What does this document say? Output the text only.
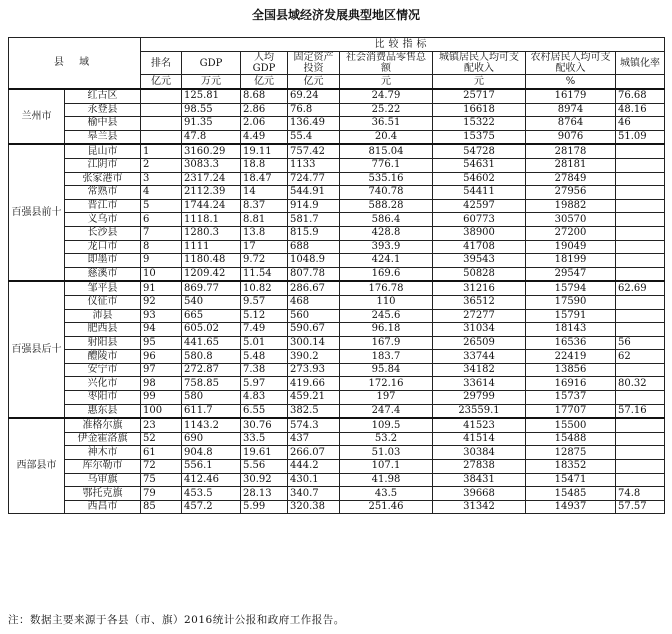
全国县域经济发展典型地区情况
县 域		比较指标							
		排名	GDP	人均GDP	固定资产投资	社会消费品零售总额	城镇居民人均可支配收入	农村居民人均可支配收入	城镇化率
		亿元	万元	亿元	亿元	元	元	%	
兰州市	红古区		125.81	8.68	69.24	24.79	25717	16179	76.68
	永登县		98.55	2.86	76.8	25.22	16618	8974	48.16
	榆中县		91.35	2.06	136.49	36.51	15322	8764	46
	皋兰县		47.8	4.49	55.4	20.4	15375	9076	51.09
百强县前十	昆山市	1	3160.29	19.11	757.42	815.04	54728	28178	
	江阴市	2	3083.3	18.8	1133	776.1	54631	28181	
	张家港市	3	2317.24	18.47	724.77	535.16	54602	27849	
	常熟市	4	2112.39	14	544.91	740.78	54411	27956	
	晋江市	5	1744.24	8.37	914.9	588.28	42597	19882	
	义乌市	6	1118.1	8.81	581.7	586.4	60773	30570	
	长沙县	7	1280.3	13.8	815.9	428.8	38900	27200	
	龙口市	8	1111	17	688	393.9	41708	19049	
	即墨市	9	1180.48	9.72	1048.9	424.1	39543	18199	
	慈溪市	10	1209.42	11.54	807.78	169.6	50828	29547	
百强县后十	邹平县	91	869.77	10.82	286.67	176.78	31216	15794	62.69
	仪征市	92	540	9.57	468	110	36512	17590	
	沛县	93	665	5.12	560	245.6	27277	15791	
	肥西县	94	605.02	7.49	590.67	96.18	31034	18143	
	射阳县	95	441.65	5.01	300.14	167.9	26509	16536	56
	醴陵市	96	580.8	5.48	390.2	183.7	33744	22419	62
	安宁市	97	272.87	7.38	273.93	95.84	34182	13856	
	兴化市	98	758.85	5.97	419.66	172.16	33614	16916	80.32
	枣阳市	99	580	4.83	459.21	197	29799	15737	
	惠东县	100	611.7	6.55	382.5	247.4	23559.1	17707	57.16
西部县市	准格尔旗	23	1143.2	30.76	574.3	109.5	41523	15500	
	伊金霍洛旗	52	690	33.5	437	53.2	41514	15488	
	神木市	61	904.8	19.61	266.07	51.03	30384	12875	
	库尔勒市	72	556.1	5.56	444.2	107.1	27838	18352	
	乌审旗	75	412.46	30.92	430.1	41.98	38431	15471	
	鄂托克旗	79	453.5	28.13	340.7	43.5	39668	15485	74.8
	西昌市	85	457.2	5.99	320.38	251.46	31342	14937	57.57
注：数据主要来源于各县（市、旗）2016统计公报和政府工作报告。
